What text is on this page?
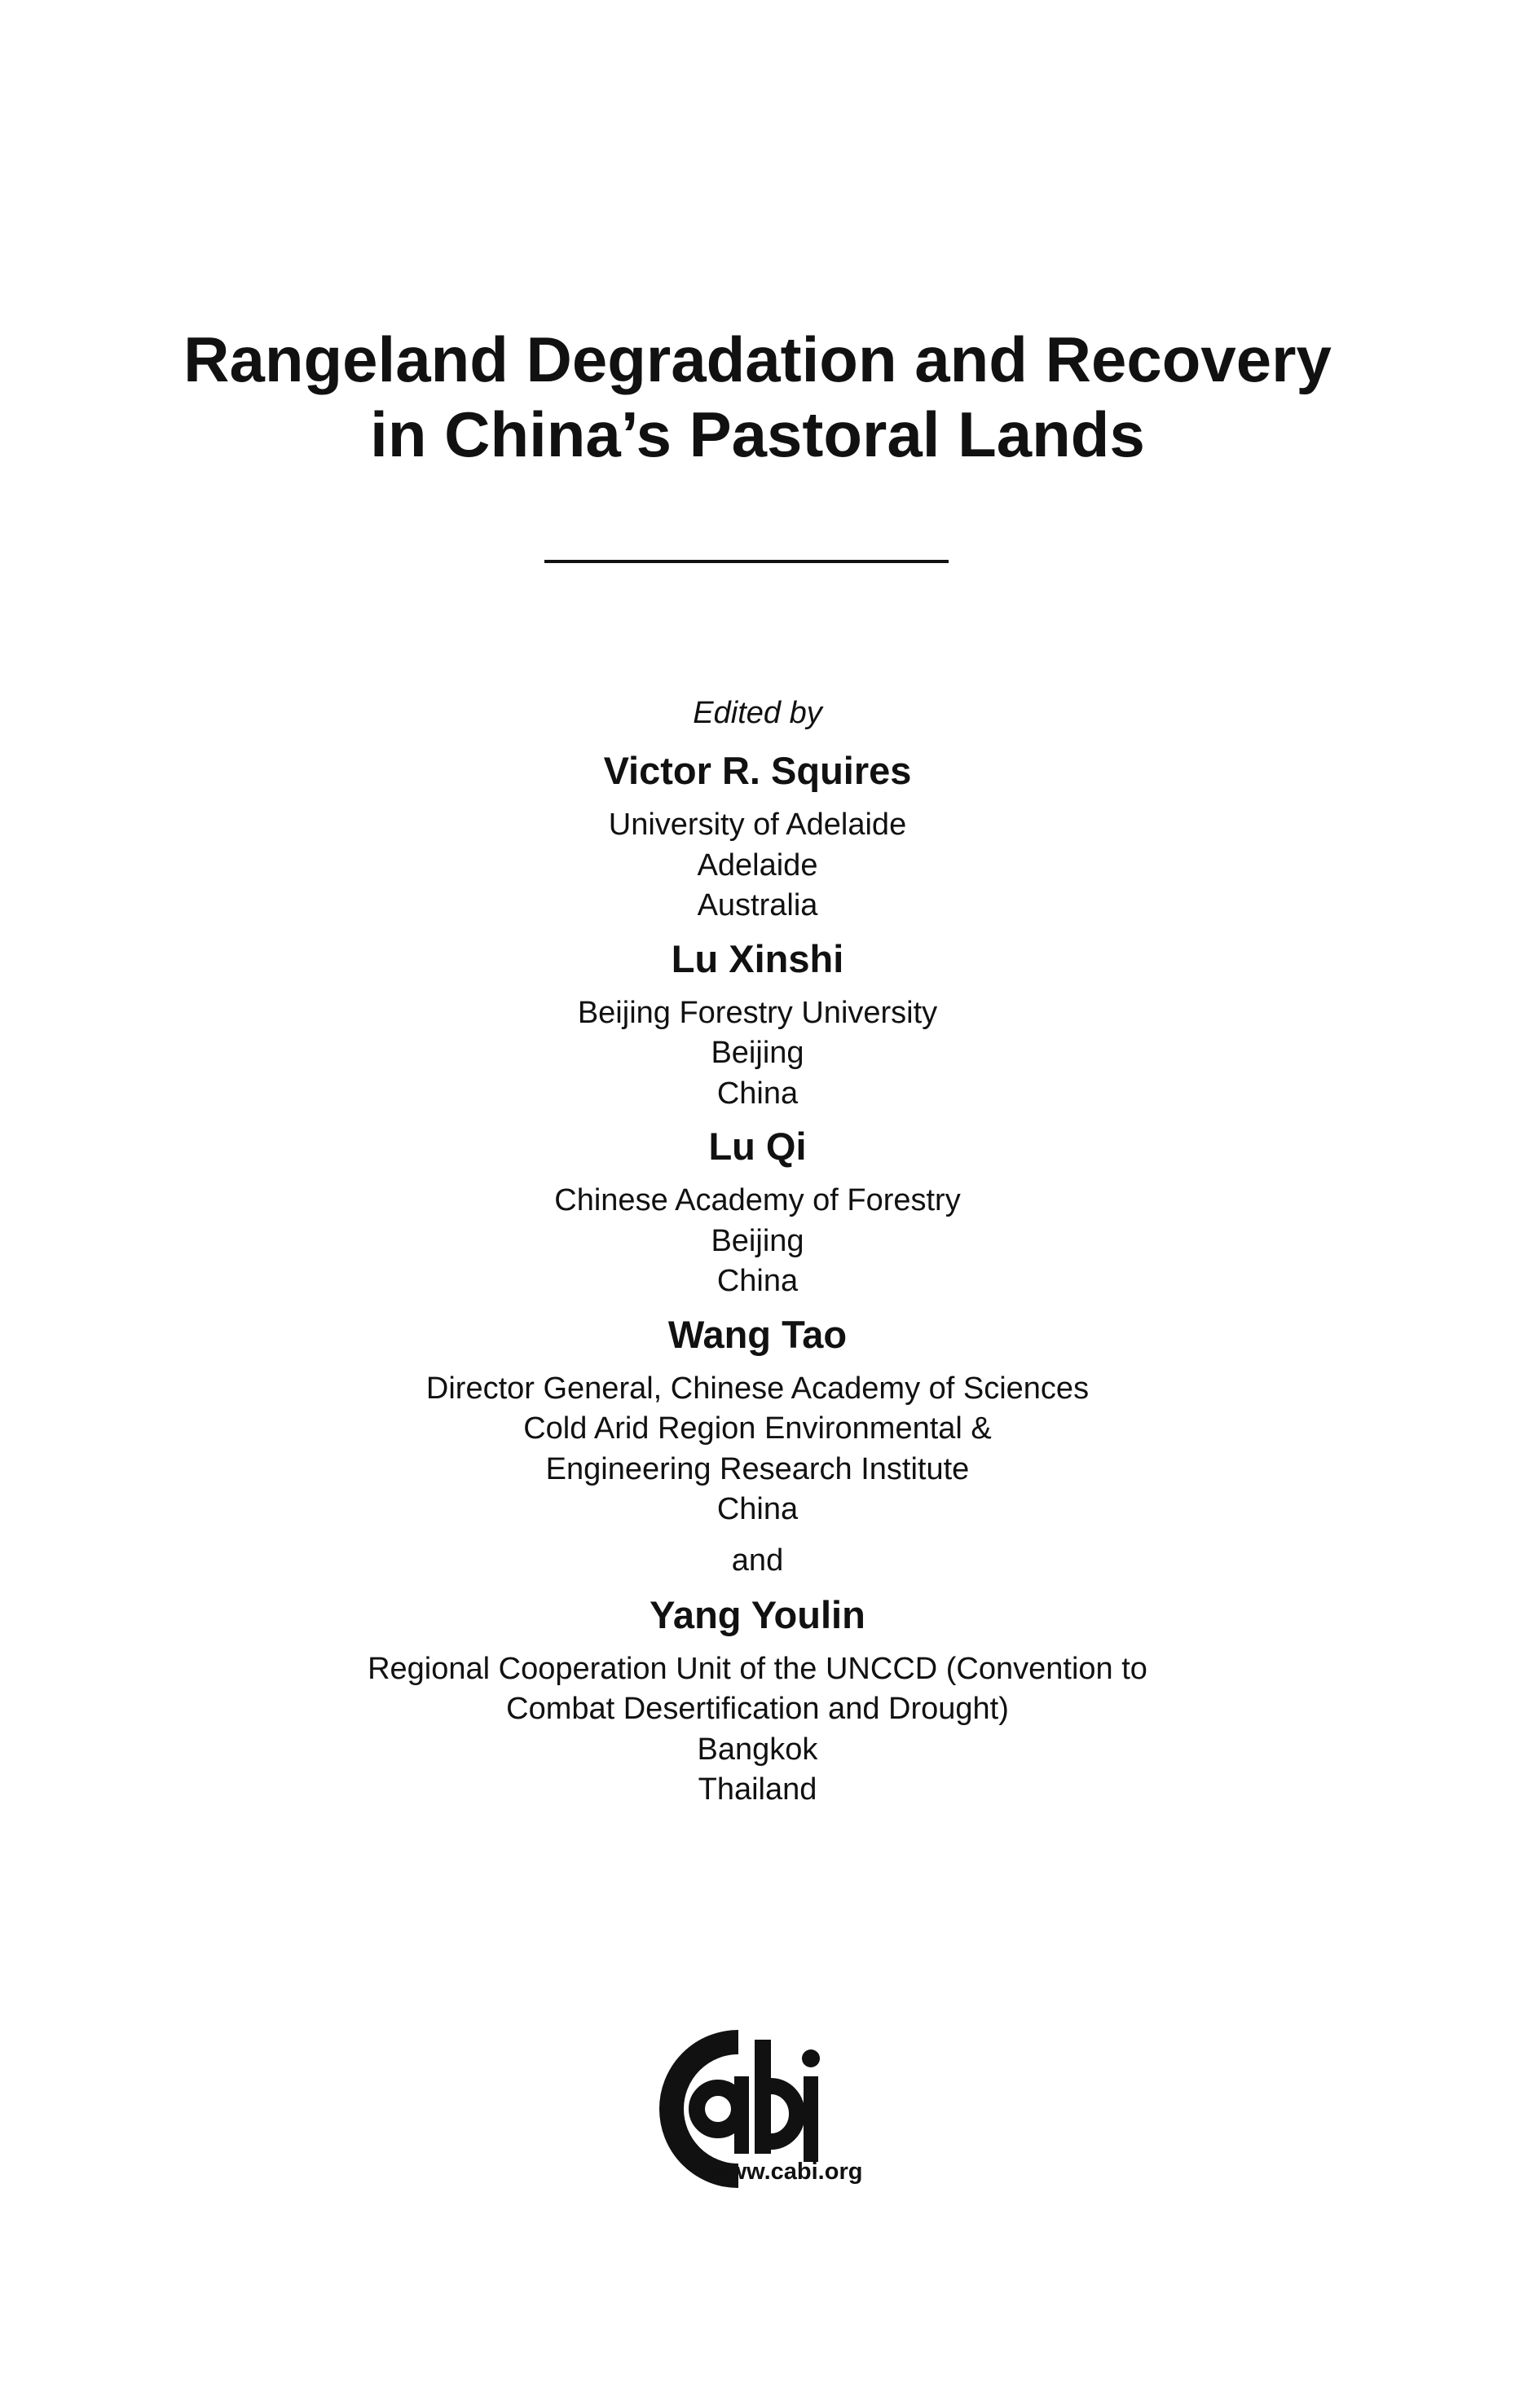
Rangeland Degradation and Recovery
in China’s Pastoral Lands
Edited by
Victor R. Squires
University of Adelaide
Adelaide
Australia
Lu Xinshi
Beijing Forestry University
Beijing
China
Lu Qi
Chinese Academy of Forestry
Beijing
China
Wang Tao
Director General, Chinese Academy of Sciences
Cold Arid Region Environmental &
Engineering Research Institute
China
and
Yang Youlin
Regional Cooperation Unit of the UNCCD (Convention to
Combat Desertification and Drought)
Bangkok
Thailand
www.cabi.org
